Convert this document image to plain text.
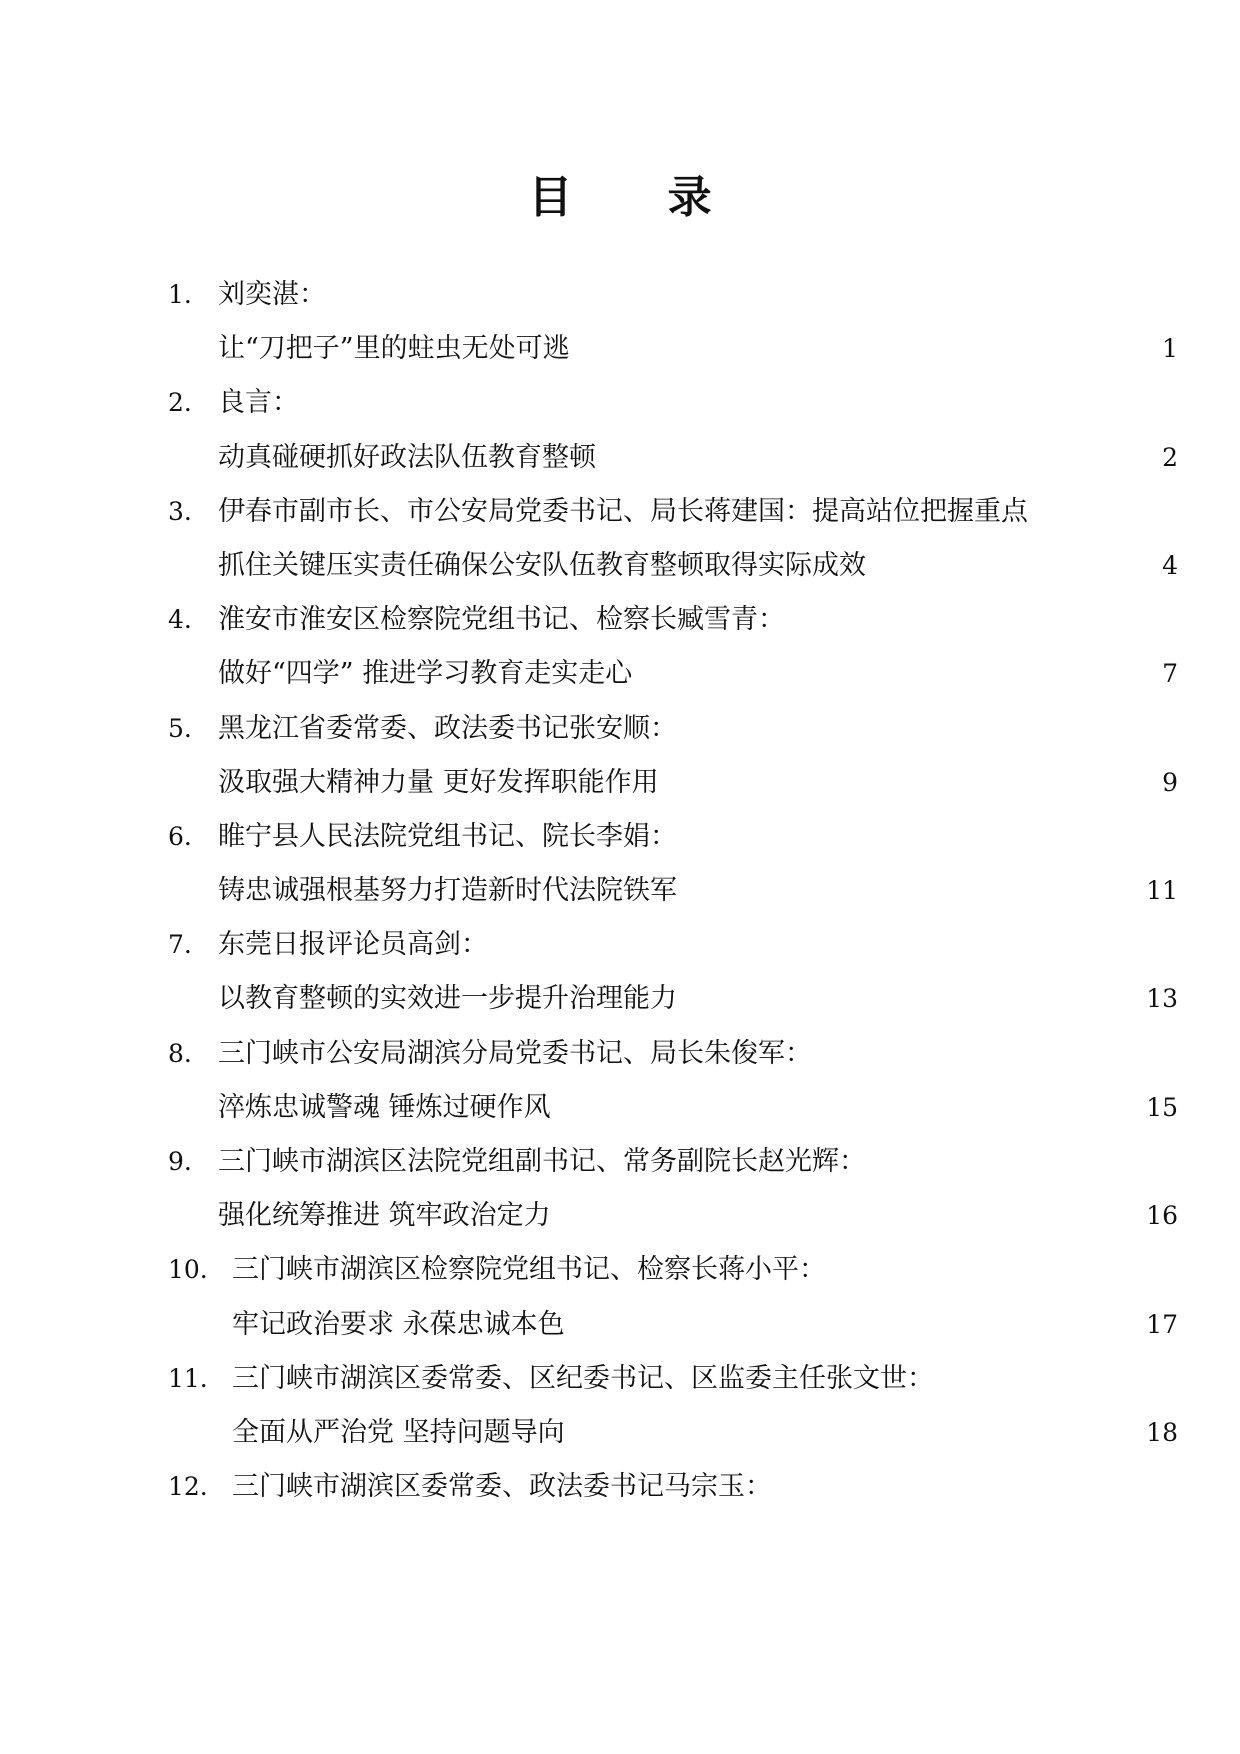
目 录
1. 刘奕湛：
让“刀把子”里的蛀虫无处可逃	1
2. 良言：
动真碰硬抓好政法队伍教育整顿	2
3. 伊春市副市长、市公安局党委书记、局长蒋建国：提高站位把握重点
抓住关键压实责任确保公安队伍教育整顿取得实际成效	4
4. 淮安市淮安区检察院党组书记、检察长臧雪青：
做好“四学” 推进学习教育走实走心	7
5. 黑龙江省委常委、政法委书记张安顺：
汲取强大精神力量 更好发挥职能作用	9
6. 睢宁县人民法院党组书记、院长李娟：
铸忠诚强根基努力打造新时代法院铁军	11
7. 东莞日报评论员高剑：
以教育整顿的实效进一步提升治理能力	13
8. 三门峡市公安局湖滨分局党委书记、局长朱俊军：
淬炼忠诚警魂 锤炼过硬作风	15
9. 三门峡市湖滨区法院党组副书记、常务副院长赵光辉：
强化统筹推进 筑牢政治定力	16
10. 三门峡市湖滨区检察院党组书记、检察长蒋小平：
牢记政治要求 永葆忠诚本色	17
11. 三门峡市湖滨区委常委、区纪委书记、区监委主任张文世：
全面从严治党 坚持问题导向	18
12. 三门峡市湖滨区委常委、政法委书记马宗玉：
